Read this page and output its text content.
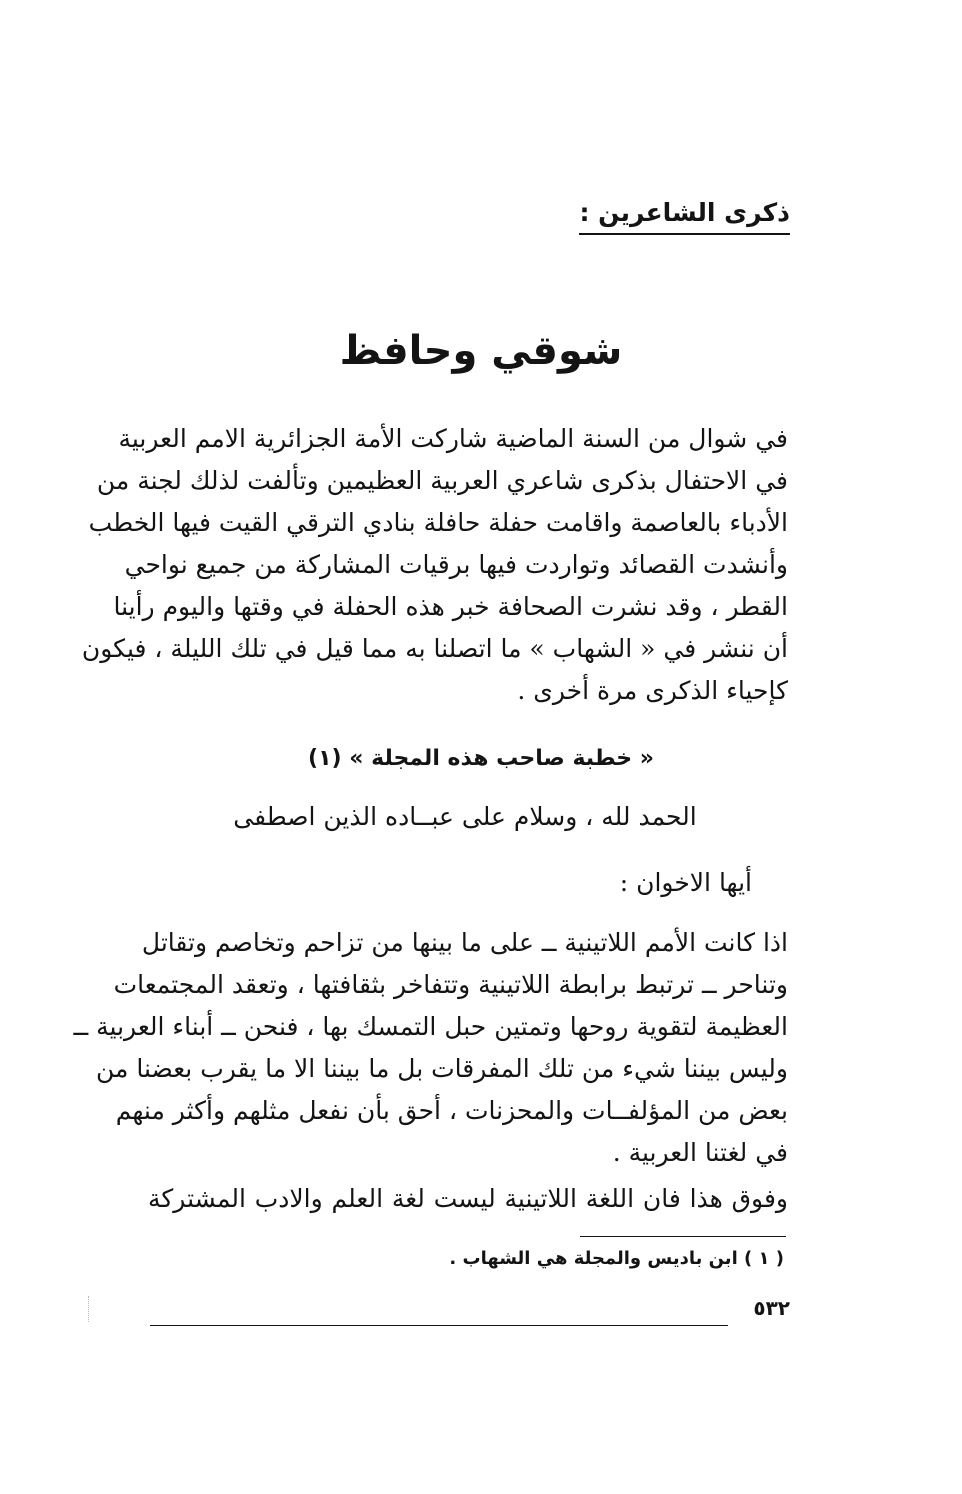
ذكرى الشاعرين :
شوقي وحافظ
في شوال من السنة الماضية شاركت الأمة الجزائرية الامم العربية
في الاحتفال بذكرى شاعري العربية العظيمين وتألفت لذلك لجنة من
الأدباء بالعاصمة واقامت حفلة حافلة بنادي الترقي القيت فيها الخطب
وأنشدت القصائد وتواردت فيها برقيات المشاركة من جميع نواحي
القطر ، وقد نشرت الصحافة خبر هذه الحفلة في وقتها واليوم رأينا
أن ننشر في « الشهاب » ما اتصلنا به مما قيل في تلك الليلة ، فيكون
كإحياء الذكرى مرة أخرى .
« خطبة صاحب هذه المجلة » (١)
الحمد لله ، وسلام على عبــاده الذين اصطفى
أيها الاخوان :
اذا كانت الأمم اللاتينية ــ على ما بينها من تزاحم وتخاصم وتقاتل
وتناحر ــ ترتبط برابطة اللاتينية وتتفاخر بثقافتها ، وتعقد المجتمعات
العظيمة لتقوية روحها وتمتين حبل التمسك بها ، فنحن ــ أبناء العربية ــ
وليس بيننا شيء من تلك المفرقات بل ما بيننا الا ما يقرب بعضنا من
بعض من المؤلفــات والمحزنات ، أحق بأن نفعل مثلهم وأكثر منهم
في لغتنا العربية .
وفوق هذا فان اللغة اللاتينية ليست لغة العلم والادب المشتركة
( ١ ) ابن باديس والمجلة هي الشهاب .
٥٣٢
